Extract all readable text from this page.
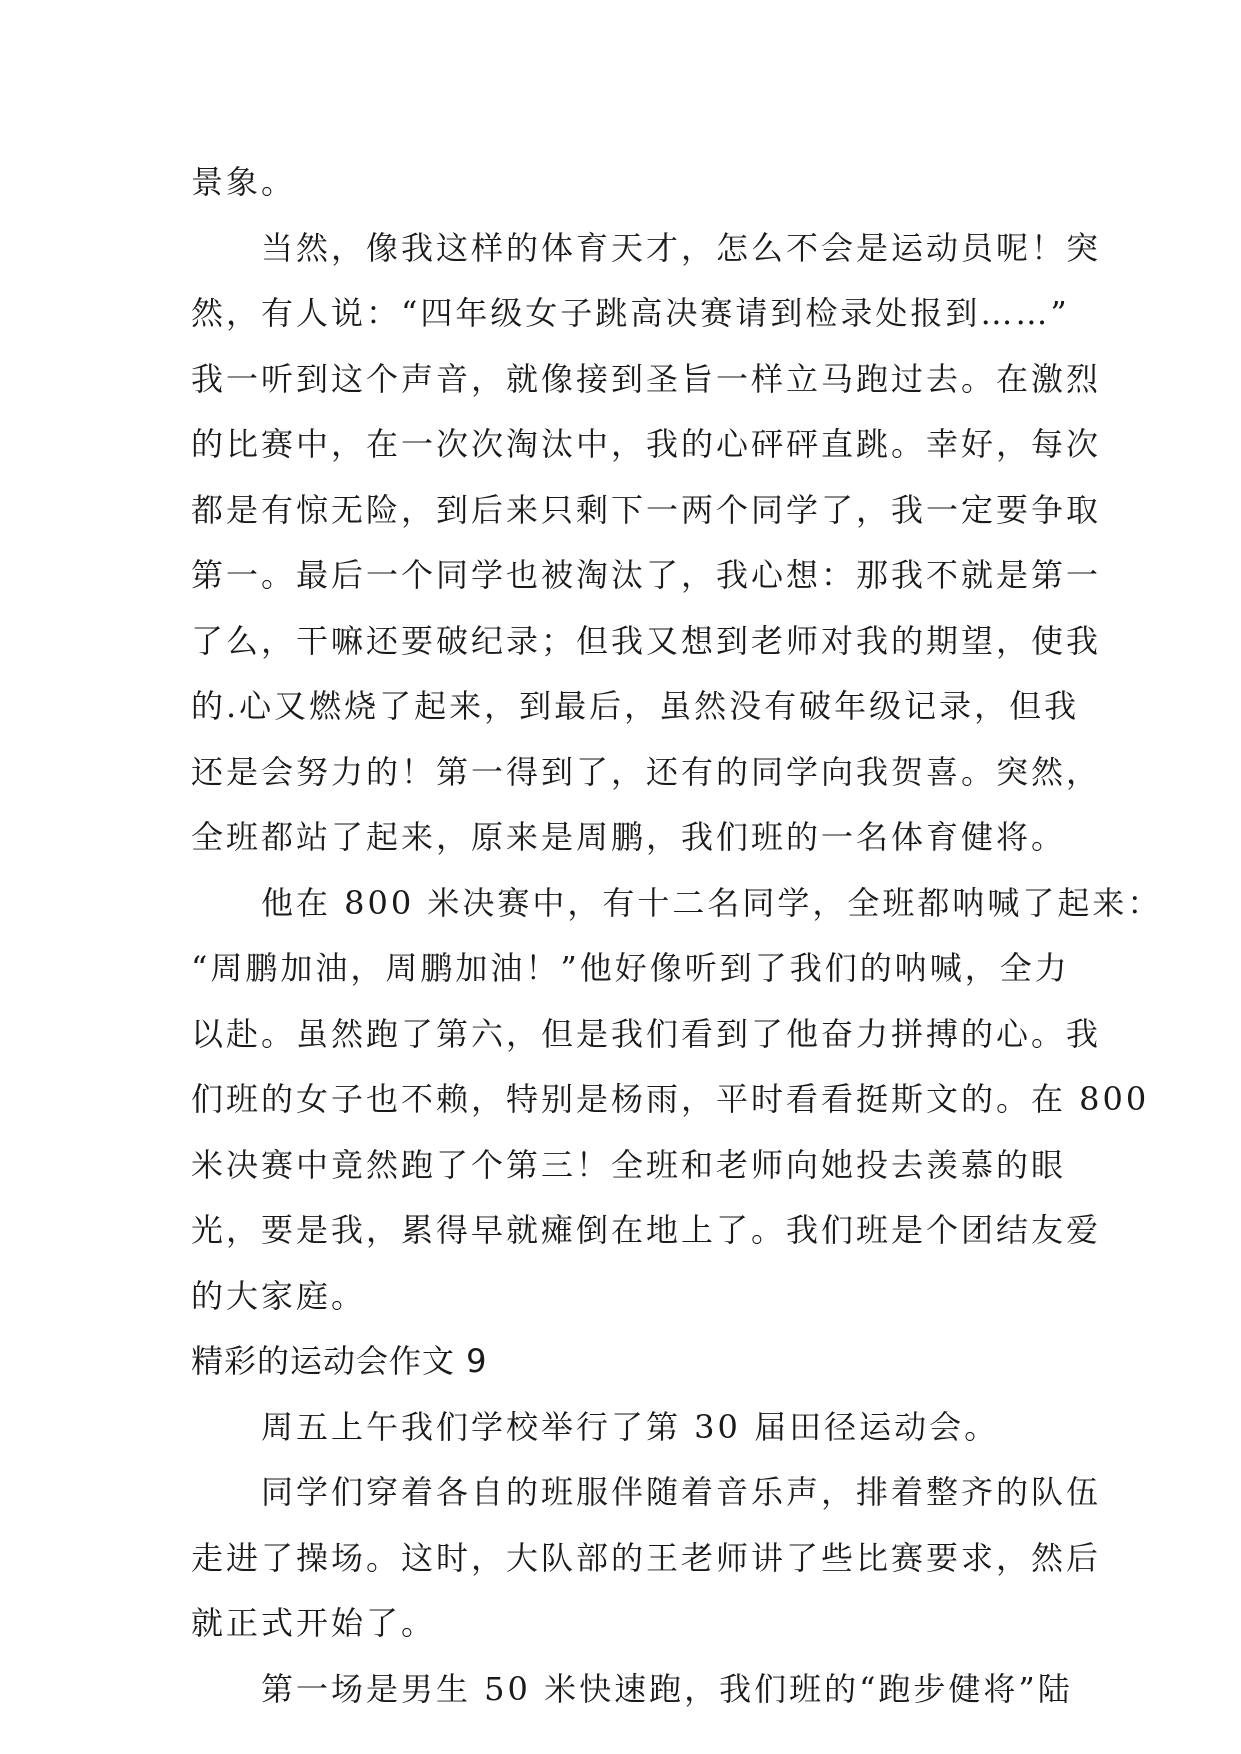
景象。
　　当然，像我这样的体育天才，怎么不会是运动员呢！突
然，有人说：“四年级女子跳高决赛请到检录处报到……”
我一听到这个声音，就像接到圣旨一样立马跑过去。在激烈
的比赛中，在一次次淘汰中，我的心砰砰直跳。幸好，每次
都是有惊无险，到后来只剩下一两个同学了，我一定要争取
第一。最后一个同学也被淘汰了，我心想：那我不就是第一
了么，干嘛还要破纪录；但我又想到老师对我的期望，使我
的.心又燃烧了起来，到最后，虽然没有破年级记录，但我
还是会努力的！第一得到了，还有的同学向我贺喜。突然，
全班都站了起来，原来是周鹏，我们班的一名体育健将。
　　他在 800 米决赛中，有十二名同学，全班都呐喊了起来：
“周鹏加油，周鹏加油！”他好像听到了我们的呐喊，全力
以赴。虽然跑了第六，但是我们看到了他奋力拼搏的心。我
们班的女子也不赖，特别是杨雨，平时看看挺斯文的。在 800
米决赛中竟然跑了个第三！全班和老师向她投去羡慕的眼
光，要是我，累得早就瘫倒在地上了。我们班是个团结友爱
的大家庭。
精彩的运动会作文 9
　　周五上午我们学校举行了第 30 届田径运动会。
　　同学们穿着各自的班服伴随着音乐声，排着整齐的队伍
走进了操场。这时，大队部的王老师讲了些比赛要求，然后
就正式开始了。
　　第一场是男生 50 米快速跑，我们班的“跑步健将”陆
